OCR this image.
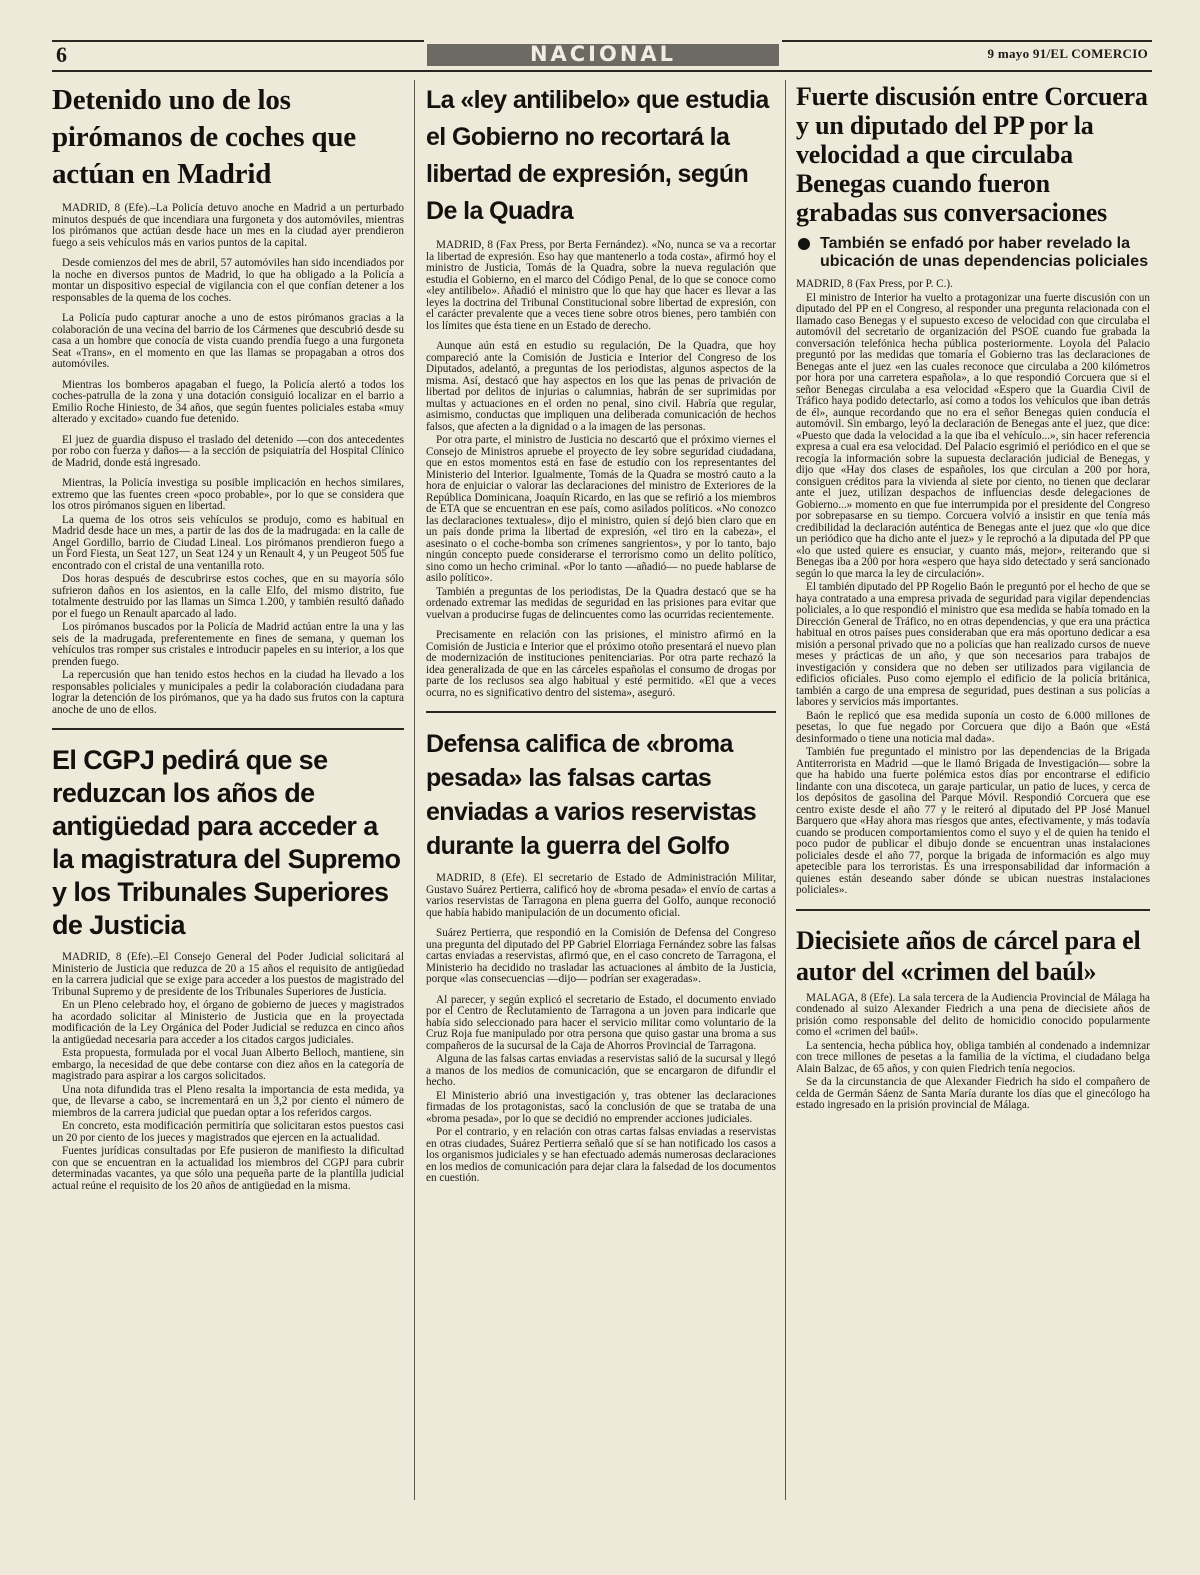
6	NACIONAL	9 mayo 91/EL COMERCIO
Detenido uno de los pirómanos de coches que actúan en Madrid

MADRID, 8 (Efe).–La Policía detuvo anoche en Madrid a un perturbado minutos después de que incendiara una furgoneta y dos automóviles, mientras los pirómanos que actúan desde hace un mes en la ciudad ayer prendieron fuego a seis vehículos más en varios puntos de la capital.

Desde comienzos del mes de abril, 57 automóviles han sido incendiados por la noche en diversos puntos de Madrid, lo que ha obligado a la Policía a montar un dispositivo especial de vigilancia con el que confían detener a los responsables de la quema de los coches.

La Policía pudo capturar anoche a uno de estos pirómanos gracias a la colaboración de una vecina del barrio de los Cármenes que descubrió desde su casa a un hombre que conocía de vista cuando prendía fuego a una furgoneta Seat «Trans», en el momento en que las llamas se propagaban a otros dos automóviles.

Mientras los bomberos apagaban el fuego, la Policía alertó a todos los coches-patrulla de la zona y una dotación consiguió localizar en el barrio a Emilio Roche Hiniesto, de 34 años, que según fuentes policiales estaba «muy alterado y excitado» cuando fue detenido.

El juez de guardia dispuso el traslado del detenido —con dos antecedentes por robo con fuerza y daños— a la sección de psiquiatría del Hospital Clínico de Madrid, donde está ingresado.

Mientras, la Policía investiga su posible implicación en hechos similares, extremo que las fuentes creen «poco probable», por lo que se considera que los otros pirómanos siguen en libertad.

La quema de los otros seis vehículos se produjo, como es habitual en Madrid desde hace un mes, a partir de las dos de la madrugada: en la calle de Angel Gordillo, barrio de Ciudad Lineal. Los pirómanos prendieron fuego a un Ford Fiesta, un Seat 127, un Seat 124 y un Renault 4, y un Peugeot 505 fue encontrado con el cristal de una ventanilla roto.

Dos horas después de descubrirse estos coches, que en su mayoría sólo sufrieron daños en los asientos, en la calle Elfo, del mismo distrito, fue totalmente destruido por las llamas un Simca 1.200, y también resultó dañado por el fuego un Renault aparcado al lado.

Los pirómanos buscados por la Policía de Madrid actúan entre la una y las seis de la madrugada, preferentemente en fines de semana, y queman los vehículos tras romper sus cristales e introducir papeles en su interior, a los que prenden fuego.

La repercusión que han tenido estos hechos en la ciudad ha llevado a los responsables policiales y municipales a pedir la colaboración ciudadana para lograr la detención de los pirómanos, que ya ha dado sus frutos con la captura anoche de uno de ellos.

El CGPJ pedirá que se reduzcan los años de antigüedad para acceder a la magistratura del Supremo y los Tribunales Superiores de Justicia

MADRID, 8 (Efe).–El Consejo General del Poder Judicial solicitará al Ministerio de Justicia que reduzca de 20 a 15 años el requisito de antigüedad en la carrera judicial que se exige para acceder a los puestos de magistrado del Tribunal Supremo y de presidente de los Tribunales Superiores de Justicia.

En un Pleno celebrado hoy, el órgano de gobierno de jueces y magistrados ha acordado solicitar al Ministerio de Justicia que en la proyectada modificación de la Ley Orgánica del Poder Judicial se reduzca en cinco años la antigüedad necesaria para acceder a los citados cargos judiciales.

Esta propuesta, formulada por el vocal Juan Alberto Belloch, mantiene, sin embargo, la necesidad de que debe contarse con diez años en la categoría de magistrado para aspirar a los cargos solicitados.

Una nota difundida tras el Pleno resalta la importancia de esta medida, ya que, de llevarse a cabo, se incrementará en un 3,2 por ciento el número de miembros de la carrera judicial que puedan optar a los referidos cargos.

En concreto, esta modificación permitiría que solicitaran estos puestos casi un 20 por ciento de los jueces y magistrados que ejercen en la actualidad.

Fuentes jurídicas consultadas por Efe pusieron de manifiesto la dificultad con que se encuentran en la actualidad los miembros del CGPJ para cubrir determinadas vacantes, ya que sólo una pequeña parte de la plantilla judicial actual reúne el requisito de los 20 años de antigüedad en la misma.

La «ley antilibelo» que estudia el Gobierno no recortará la libertad de expresión, según De la Quadra

MADRID, 8 (Fax Press, por Berta Fernández). «No, nunca se va a recortar la libertad de expresión. Eso hay que mantenerlo a toda costa», afirmó hoy el ministro de Justicia, Tomás de la Quadra, sobre la nueva regulación que estudia el Gobierno, en el marco del Código Penal, de lo que se conoce como «ley antilibelo». Añadió el ministro que lo que hay que hacer es llevar a las leyes la doctrina del Tribunal Constitucional sobre libertad de expresión, con el carácter prevalente que a veces tiene sobre otros bienes, pero también con los límites que ésta tiene en un Estado de derecho.

Aunque aún está en estudio su regulación, De la Quadra, que hoy compareció ante la Comisión de Justicia e Interior del Congreso de los Diputados, adelantó, a preguntas de los periodistas, algunos aspectos de la misma. Así, destacó que hay aspectos en los que las penas de privación de libertad por delitos de injurias o calumnias, habrán de ser suprimidas por multas y actuaciones en el orden no penal, sino civil. Habría que regular, asimismo, conductas que impliquen una deliberada comunicación de hechos falsos, que afecten a la dignidad o a la imagen de las personas.

Por otra parte, el ministro de Justicia no descartó que el próximo viernes el Consejo de Ministros apruebe el proyecto de ley sobre seguridad ciudadana, que en estos momentos está en fase de estudio con los representantes del Ministerio del Interior. Igualmente, Tomás de la Quadra se mostró cauto a la hora de enjuiciar o valorar las declaraciones del ministro de Exteriores de la República Dominicana, Joaquín Ricardo, en las que se refirió a los miembros de ETA que se encuentran en ese país, como asilados políticos. «No conozco las declaraciones textuales», dijo el ministro, quien sí dejó bien claro que en un país donde prima la libertad de expresión, «el tiro en la cabeza», el asesinato o el coche-bomba son crímenes sangrientos», y por lo tanto, bajo ningún concepto puede considerarse el terrorismo como un delito político, sino como un hecho criminal. «Por lo tanto —añadió— no puede hablarse de asilo político».

También a preguntas de los periodistas, De la Quadra destacó que se ha ordenado extremar las medidas de seguridad en las prisiones para evitar que vuelvan a producirse fugas de delincuentes como las ocurridas recientemente.

Precisamente en relación con las prisiones, el ministro afirmó en la Comisión de Justicia e Interior que el próximo otoño presentará el nuevo plan de modernización de instituciones penitenciarias. Por otra parte rechazó la idea generalizada de que en las cárceles españolas el consumo de drogas por parte de los reclusos sea algo habitual y esté permitido. «El que a veces ocurra, no es significativo dentro del sistema», aseguró.

Defensa califica de «broma pesada» las falsas cartas enviadas a varios reservistas durante la guerra del Golfo

MADRID, 8 (Efe). El secretario de Estado de Administración Militar, Gustavo Suárez Pertierra, calificó hoy de «broma pesada» el envío de cartas a varios reservistas de Tarragona en plena guerra del Golfo, aunque reconoció que había habido manipulación de un documento oficial.

Suárez Pertierra, que respondió en la Comisión de Defensa del Congreso una pregunta del diputado del PP Gabriel Elorriaga Fernández sobre las falsas cartas enviadas a reservistas, afirmó que, en el caso concreto de Tarragona, el Ministerio ha decidido no trasladar las actuaciones al ámbito de la Justicia, porque «las consecuencias —dijo— podrían ser exageradas».

Al parecer, y según explicó el secretario de Estado, el documento enviado por el Centro de Reclutamiento de Tarragona a un joven para indicarle que había sido seleccionado para hacer el servicio militar como voluntario de la Cruz Roja fue manipulado por otra persona que quiso gastar una broma a sus compañeros de la sucursal de la Caja de Ahorros Provincial de Tarragona.

Alguna de las falsas cartas enviadas a reservistas salió de la sucursal y llegó a manos de los medios de comunicación, que se encargaron de difundir el hecho.

El Ministerio abrió una investigación y, tras obtener las declaraciones firmadas de los protagonistas, sacó la conclusión de que se trataba de una «broma pesada», por lo que se decidió no emprender acciones judiciales.

Por el contrario, y en relación con otras cartas falsas enviadas a reservistas en otras ciudades, Suárez Pertierra señaló que sí se han notificado los casos a los organismos judiciales y se han efectuado además numerosas declaraciones en los medios de comunicación para dejar clara la falsedad de los documentos en cuestión.

Fuerte discusión entre Corcuera y un diputado del PP por la velocidad a que circulaba Benegas cuando fueron grabadas sus conversaciones
También se enfadó por haber revelado la ubicación de unas dependencias policiales

MADRID, 8 (Fax Press, por P. C.).

El ministro de Interior ha vuelto a protagonizar una fuerte discusión con un diputado del PP en el Congreso, al responder una pregunta relacionada con el llamado caso Benegas y el supuesto exceso de velocidad con que circulaba el automóvil del secretario de organización del PSOE cuando fue grabada la conversación telefónica hecha pública posteriormente. Loyola del Palacio preguntó por las medidas que tomaría el Gobierno tras las declaraciones de Benegas ante el juez «en las cuales reconoce que circulaba a 200 kilómetros por hora por una carretera española», a lo que respondió Corcuera que si el señor Benegas circulaba a esa velocidad «Espero que la Guardia Civil de Tráfico haya podido detectarlo, así como a todos los vehículos que iban detrás de él», aunque recordando que no era el señor Benegas quien conducía el automóvil. Sin embargo, leyó la declaración de Benegas ante el juez, que dice: «Puesto que dada la velocidad a la que iba el vehículo...», sin hacer referencia expresa a cual era esa velocidad. Del Palacio esgrimió el periódico en el que se recogía la información sobre la supuesta declaración judicial de Benegas, y dijo que «Hay dos clases de españoles, los que circulan a 200 por hora, consiguen créditos para la vivienda al siete por ciento, no tienen que declarar ante el juez, utilizan despachos de influencias desde delegaciones de Gobierno...» momento en que fue interrumpida por el presidente del Congreso por sobrepasarse en su tiempo. Corcuera volvió a insistir en que tenía más credibilidad la declaración auténtica de Benegas ante el juez que «lo que dice un periódico que ha dicho ante el juez» y le reprochó a la diputada del PP que «lo que usted quiere es ensuciar, y cuanto más, mejor», reiterando que si Benegas iba a 200 por hora «espero que haya sido detectado y será sancionado según lo que marca la ley de circulación».

El también diputado del PP Rogelio Baón le preguntó por el hecho de que se haya contratado a una empresa privada de seguridad para vigilar dependencias policiales, a lo que respondió el ministro que esa medida se había tomado en la Dirección General de Tráfico, no en otras dependencias, y que era una práctica habitual en otros países pues consideraban que era más oportuno dedicar a esa misión a personal privado que no a policías que han realizado cursos de nueve meses y prácticas de un año, y que son necesarios para trabajos de investigación y considera que no deben ser utilizados para vigilancia de edificios oficiales. Puso como ejemplo el edificio de la policía británica, también a cargo de una empresa de seguridad, pues destinan a sus policías a labores y servicios más importantes.

Baón le replicó que esa medida suponía un costo de 6.000 millones de pesetas, lo que fue negado por Corcuera que dijo a Baón que «Está desinformado o tiene una noticia mal dada».

También fue preguntado el ministro por las dependencias de la Brigada Antiterrorista en Madrid —que le llamó Brigada de Investigación— sobre la que ha habido una fuerte polémica estos días por encontrarse el edificio lindante con una discoteca, un garaje particular, un patio de luces, y cerca de los depósitos de gasolina del Parque Móvil. Respondió Corcuera que ese centro existe desde el año 77 y le reiteró al diputado del PP José Manuel Barquero que «Hay ahora mas riesgos que antes, efectivamente, y más todavía cuando se producen comportamientos como el suyo y el de quien ha tenido el poco pudor de publicar el dibujo donde se encuentran unas instalaciones policiales desde el año 77, porque la brigada de información es algo muy apetecible para los terroristas. Es una irresponsabilidad dar información a quienes están deseando saber dónde se ubican nuestras instalaciones policiales».

Diecisiete años de cárcel para el autor del «crimen del baúl»

MALAGA, 8 (Efe). La sala tercera de la Audiencia Provincial de Málaga ha condenado al suizo Alexander Fiedrich a una pena de diecisiete años de prisión como responsable del delito de homicidio conocido popularmente como el «crimen del baúl».

La sentencia, hecha pública hoy, obliga también al condenado a indemnizar con trece millones de pesetas a la familia de la víctima, el ciudadano belga Alain Balzac, de 65 años, y con quien Fiedrich tenía negocios.

Se da la circunstancia de que Alexander Fiedrich ha sido el compañero de celda de Germán Sáenz de Santa María durante los días que el ginecólogo ha estado ingresado en la prisión provincial de Málaga.
